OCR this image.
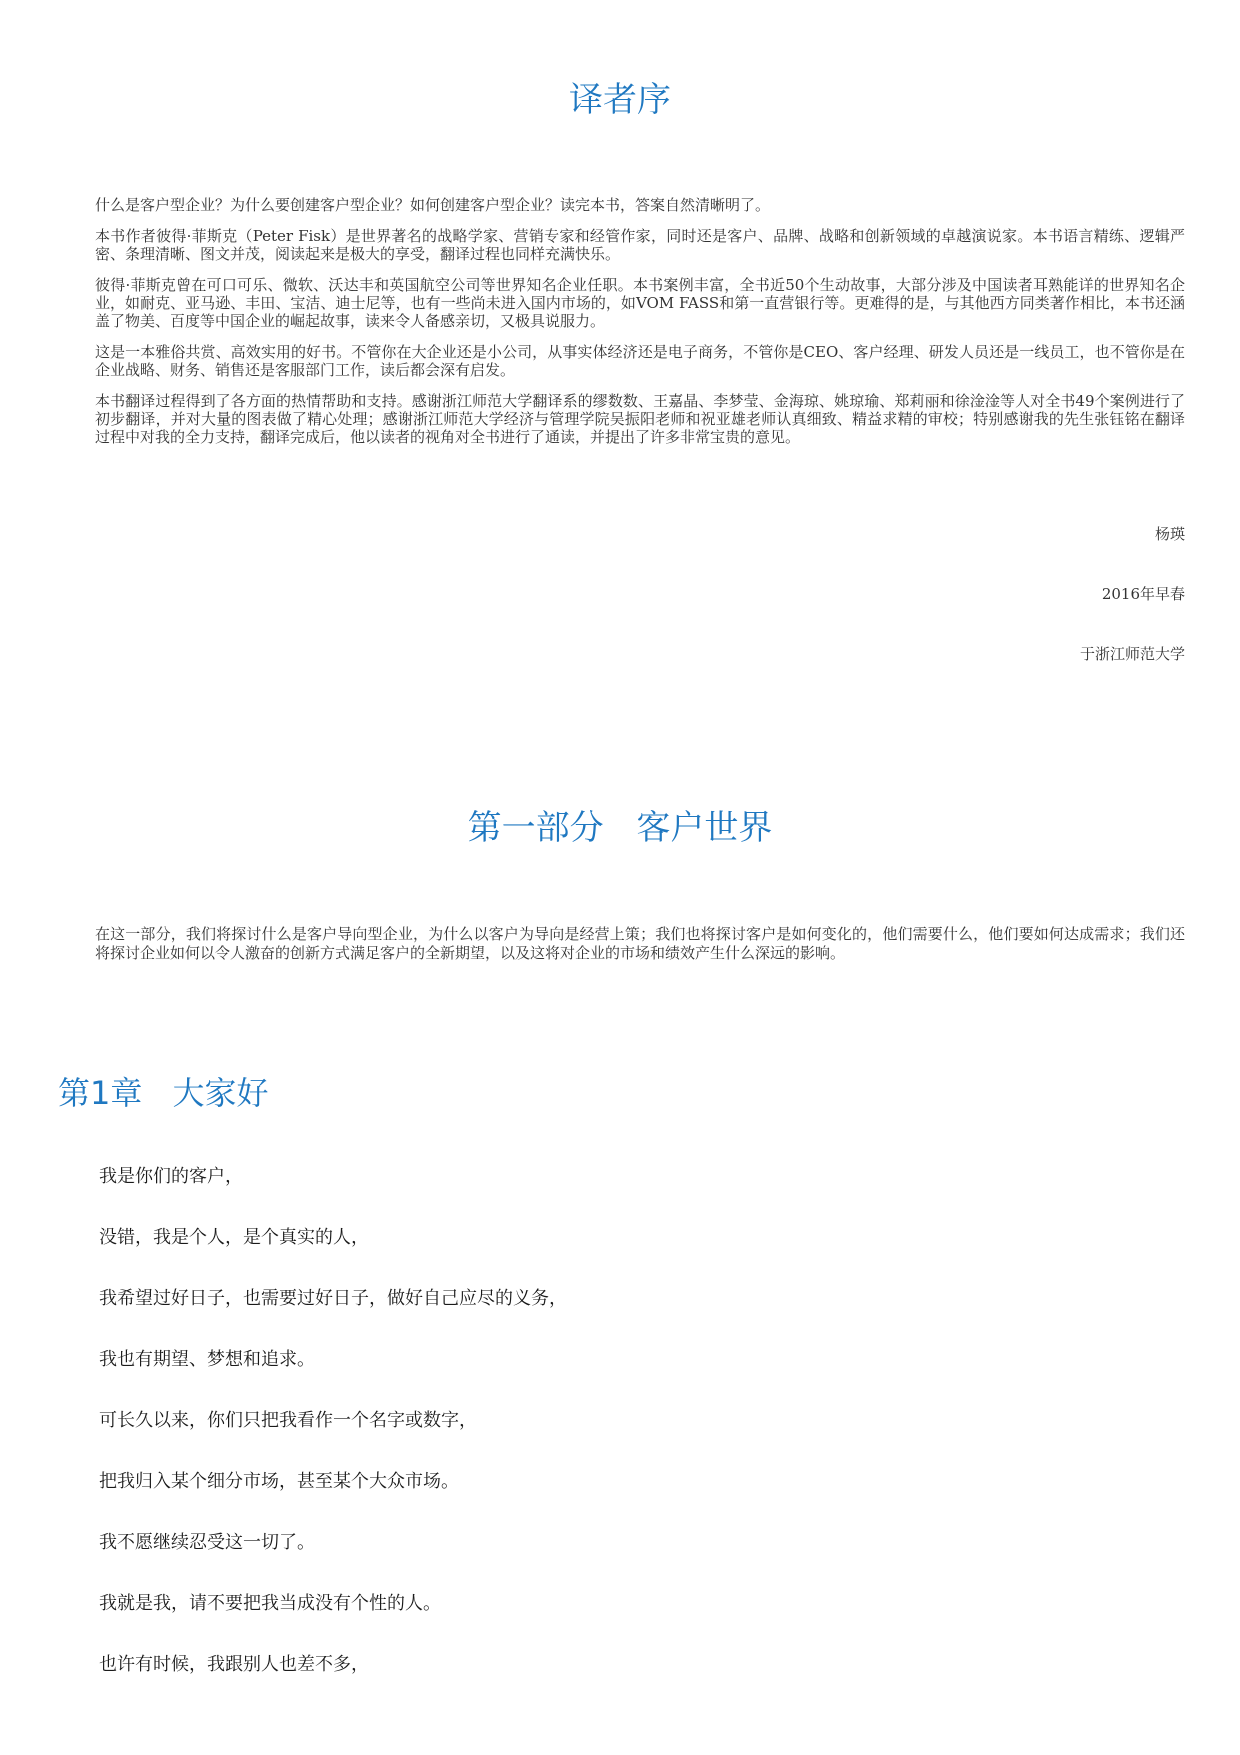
译者序

什么是客户型企业？为什么要创建客户型企业？如何创建客户型企业？读完本书，答案自然清晰明了。

本书作者彼得·菲斯克（Peter Fisk）是世界著名的战略学家、营销专家和经管作家，同时还是客户、品牌、战略和创新领域的卓越演说家。本书语言精练、逻辑严密、条理清晰、图文并茂，阅读起来是极大的享受，翻译过程也同样充满快乐。

彼得·菲斯克曾在可口可乐、微软、沃达丰和英国航空公司等世界知名企业任职。本书案例丰富，全书近50个生动故事，大部分涉及中国读者耳熟能详的世界知名企业，如耐克、亚马逊、丰田、宝洁、迪士尼等，也有一些尚未进入国内市场的，如VOM FASS和第一直营银行等。更难得的是，与其他西方同类著作相比，本书还涵盖了物美、百度等中国企业的崛起故事，读来令人备感亲切，又极具说服力。

这是一本雅俗共赏、高效实用的好书。不管你在大企业还是小公司，从事实体经济还是电子商务，不管你是CEO、客户经理、研发人员还是一线员工，也不管你是在企业战略、财务、销售还是客服部门工作，读后都会深有启发。

本书翻译过程得到了各方面的热情帮助和支持。感谢浙江师范大学翻译系的缪数数、王嘉晶、李梦莹、金海琼、姚琼瑜、郑莉丽和徐淦淦等人对全书49个案例进行了初步翻译，并对大量的图表做了精心处理；感谢浙江师范大学经济与管理学院吴振阳老师和祝亚雄老师认真细致、精益求精的审校；特别感谢我的先生张钰铭在翻译过程中对我的全力支持，翻译完成后，他以读者的视角对全书进行了通读，并提出了许多非常宝贵的意见。

杨瑛
2016年早春
于浙江师范大学
第一部分 客户世界

在这一部分，我们将探讨什么是客户导向型企业，为什么以客户为导向是经营上策；我们也将探讨客户是如何变化的，他们需要什么，他们要如何达成需求；我们还将探讨企业如何以令人激奋的创新方式满足客户的全新期望，以及这将对企业的市场和绩效产生什么深远的影响。

第1章 大家好
我是你们的客户，
没错，我是个人，是个真实的人，
我希望过好日子，也需要过好日子，做好自己应尽的义务，
我也有期望、梦想和追求。
可长久以来，你们只把我看作一个名字或数字，
把我归入某个细分市场，甚至某个大众市场。
我不愿继续忍受这一切了。
我就是我，请不要把我当成没有个性的人。
也许有时候，我跟别人也差不多，
